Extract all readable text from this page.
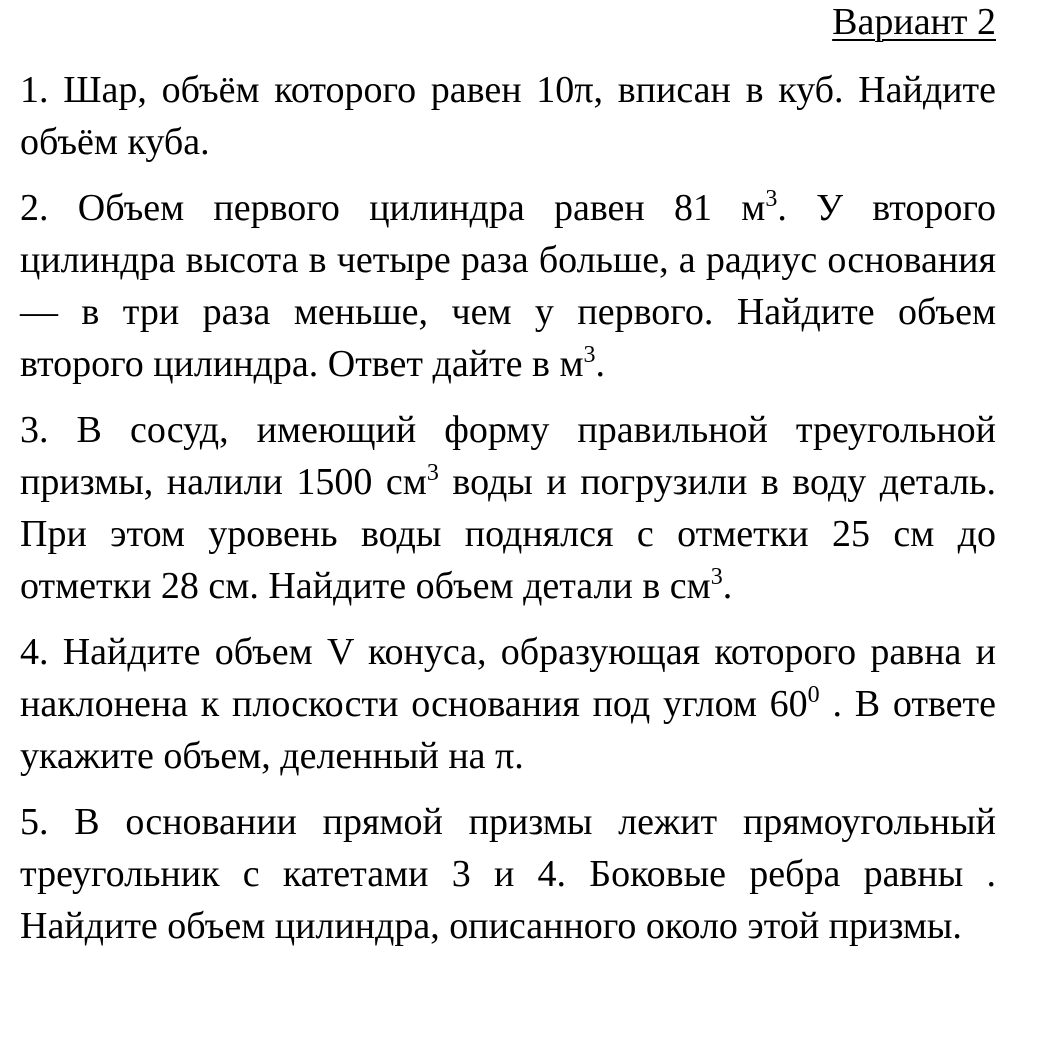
Вариант 2

1. Шар, объём которого равен 10π, вписан в куб. Найдите объём куба.

2. Объем первого цилиндра равен 81 $м^3$. У второго цилиндра высота в четыре раза больше, а радиус основания — в три раза меньше, чем у первого. Найдите объем второго цилиндра. Ответ дайте в $м^3$.

3. В сосуд, имеющий форму правильной треугольной призмы, налили 1500 $см^3$ воды и погрузили в воду деталь. При этом уровень воды поднялся с отметки 25 см до отметки 28 см. Найдите объем детали в $см^3$.

4. Найдите объем V конуса, образующая которого равна и наклонена к плоскости основания под углом $60^0$ . В ответе укажите объем, деленный на π.

5. В основании прямой призмы лежит прямоугольный треугольник с катетами 3 и 4. Боковые ребра равны . Найдите объем цилиндра, описанного около этой призмы.
